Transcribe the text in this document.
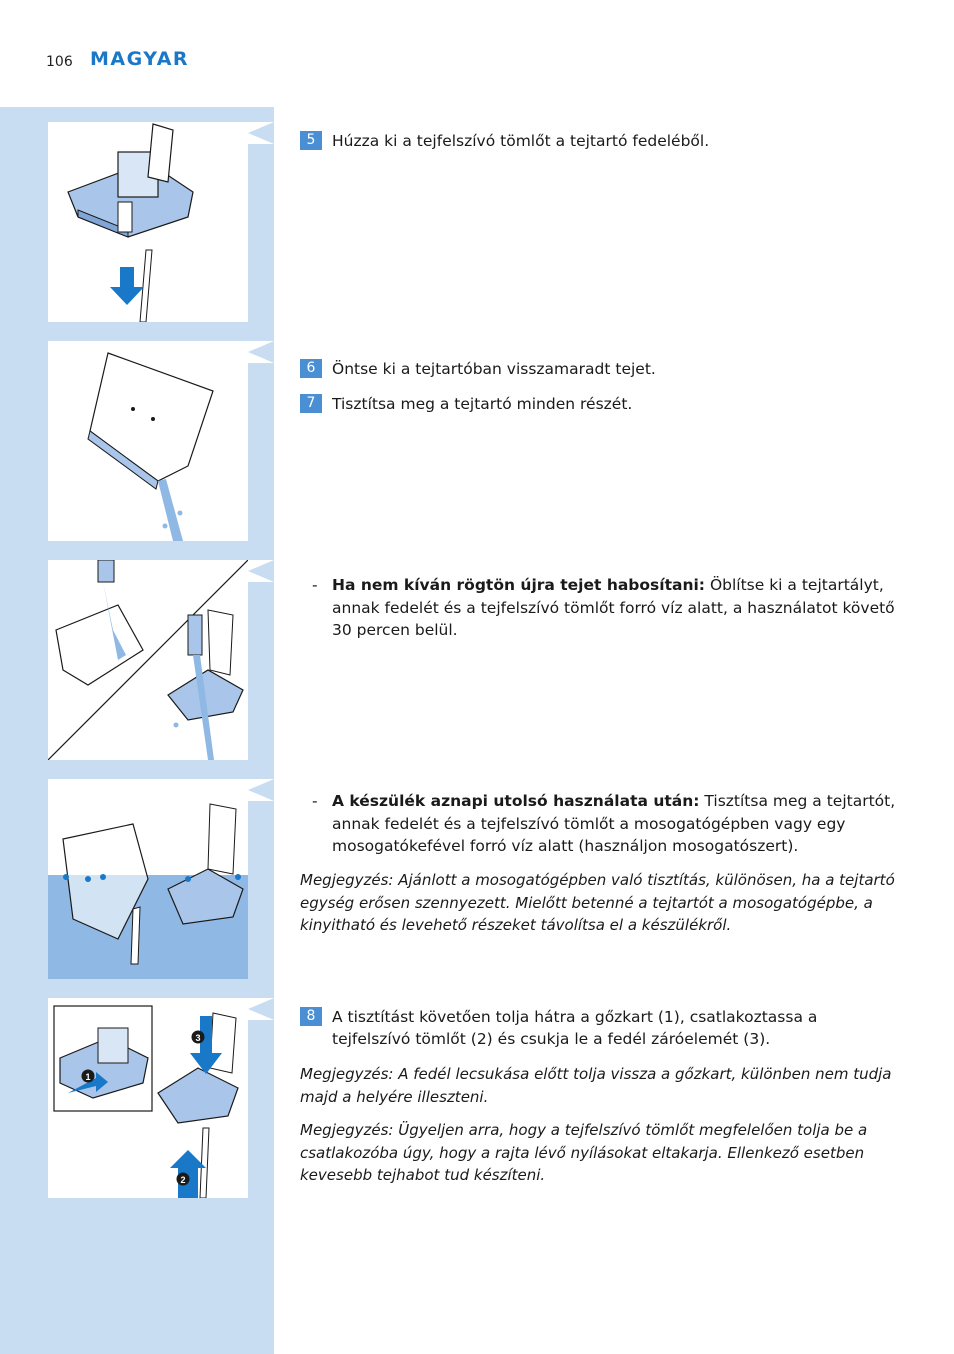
106 MAGYAR
1
2
3
5	Húzza ki a tejfelszívó tömlőt a tejtartó fedeléből.
6	Öntse ki a tejtartóban visszamaradt tejet.
7	Tisztítsa meg a tejtartó minden részét.
- Ha nem kíván rögtön újra tejet habosítani: Öblítse ki a tejtartályt, annak fedelét és a tejfelszívó tömlőt forró víz alatt, a használatot követő 30 percen belül.
- A készülék aznapi utolsó használata után: Tisztítsa meg a tejtartót, annak fedelét és a tejfelszívó tömlőt a mosogatógépben vagy egy mosogatókefével forró víz alatt (használjon mosogatószert).
Megjegyzés: Ajánlott a mosogatógépben való tisztítás, különösen, ha a tejtartó egység erősen szennyezett. Mielőtt betenné a tejtartót a mosogatógépbe, a kinyitható és levehető részeket távolítsa el a készülékről.
8	A tisztítást követően tolja hátra a gőzkart (1), csatlakoztassa a tejfelszívó tömlőt (2) és csukja le a fedél záróelemét (3).
Megjegyzés: A fedél lecsukása előtt tolja vissza a gőzkart, különben nem tudja majd a helyére illeszteni.
Megjegyzés: Ügyeljen arra, hogy a tejfelszívó tömlőt megfelelően tolja be a csatlakozóba úgy, hogy a rajta lévő nyílásokat eltakarja. Ellenkező esetben kevesebb tejhabot tud készíteni.
